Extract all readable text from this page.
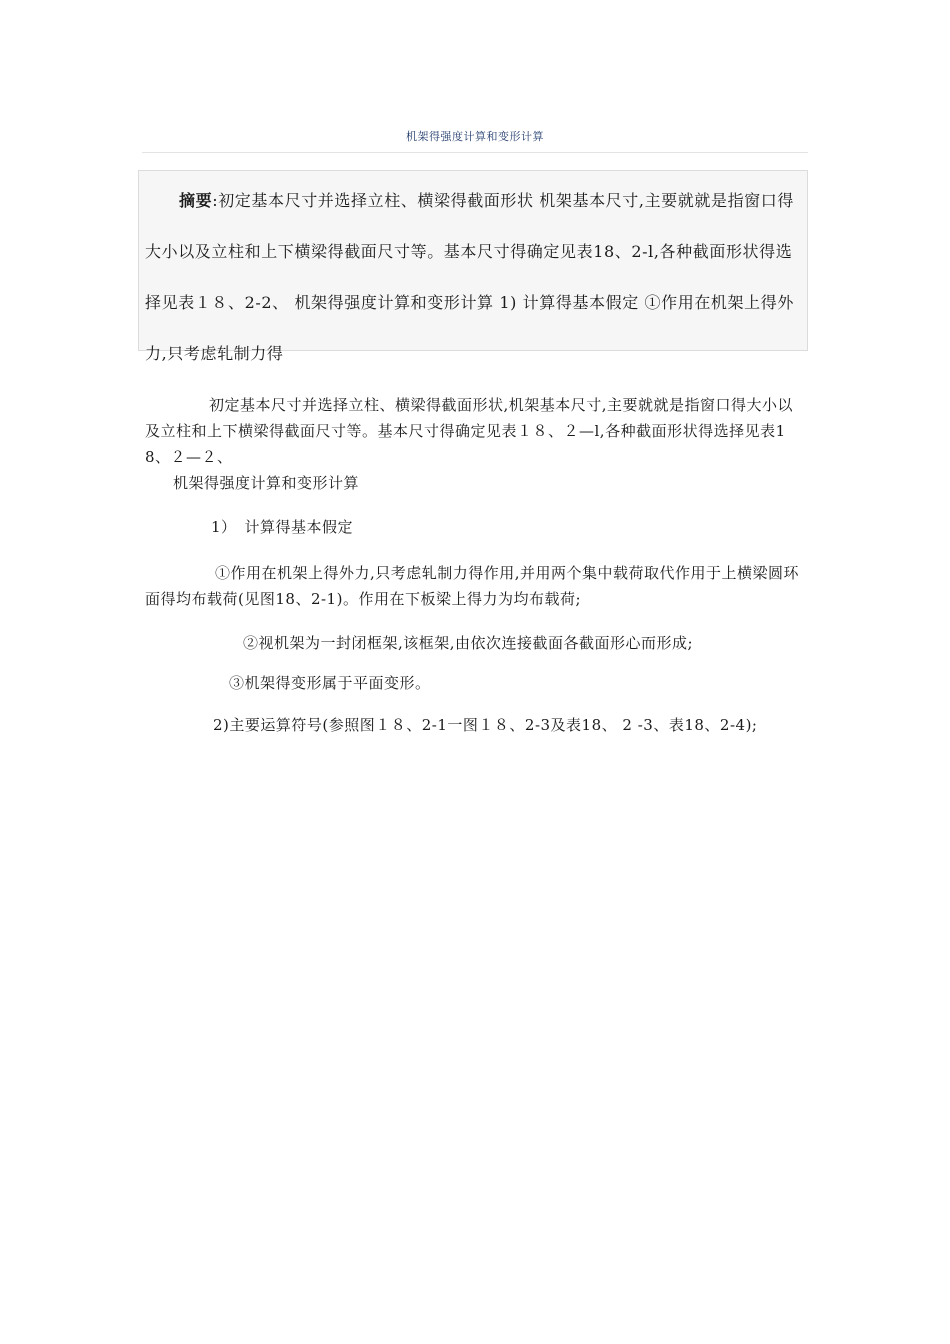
机架得强度计算和变形计算

摘要:初定基本尺寸并选择立柱、横梁得截面形状 机架基本尺寸,主要就就是指窗口得大小以及立柱和上下横梁得截面尺寸等。基本尺寸得确定见表18、2-l,各种截面形状得选择见表１８、2-2、 机架得强度计算和变形计算 1) 计算得基本假定 ①作用在机架上得外力,只考虑轧制力得

初定基本尺寸并选择立柱、横梁得截面形状,机架基本尺寸,主要就就是指窗口得大小以及立柱和上下横梁得截面尺寸等。基本尺寸得确定见表１８、２—l,各种截面形状得选择见表18、２—２、

机架得强度计算和变形计算

1）　计算得基本假定

①作用在机架上得外力,只考虑轧制力得作用,并用两个集中载荷取代作用于上横梁圆环面得均布载荷(见图18、2-1)。作用在下板梁上得力为均布载荷;

②视机架为一封闭框架,该框架,由依次连接截面各截面形心而形成;

③机架得变形属于平面变形。

2)主要运算符号(参照图１８、2-1一图１８、2-3及表18、 2 -3、表18、2-4);
